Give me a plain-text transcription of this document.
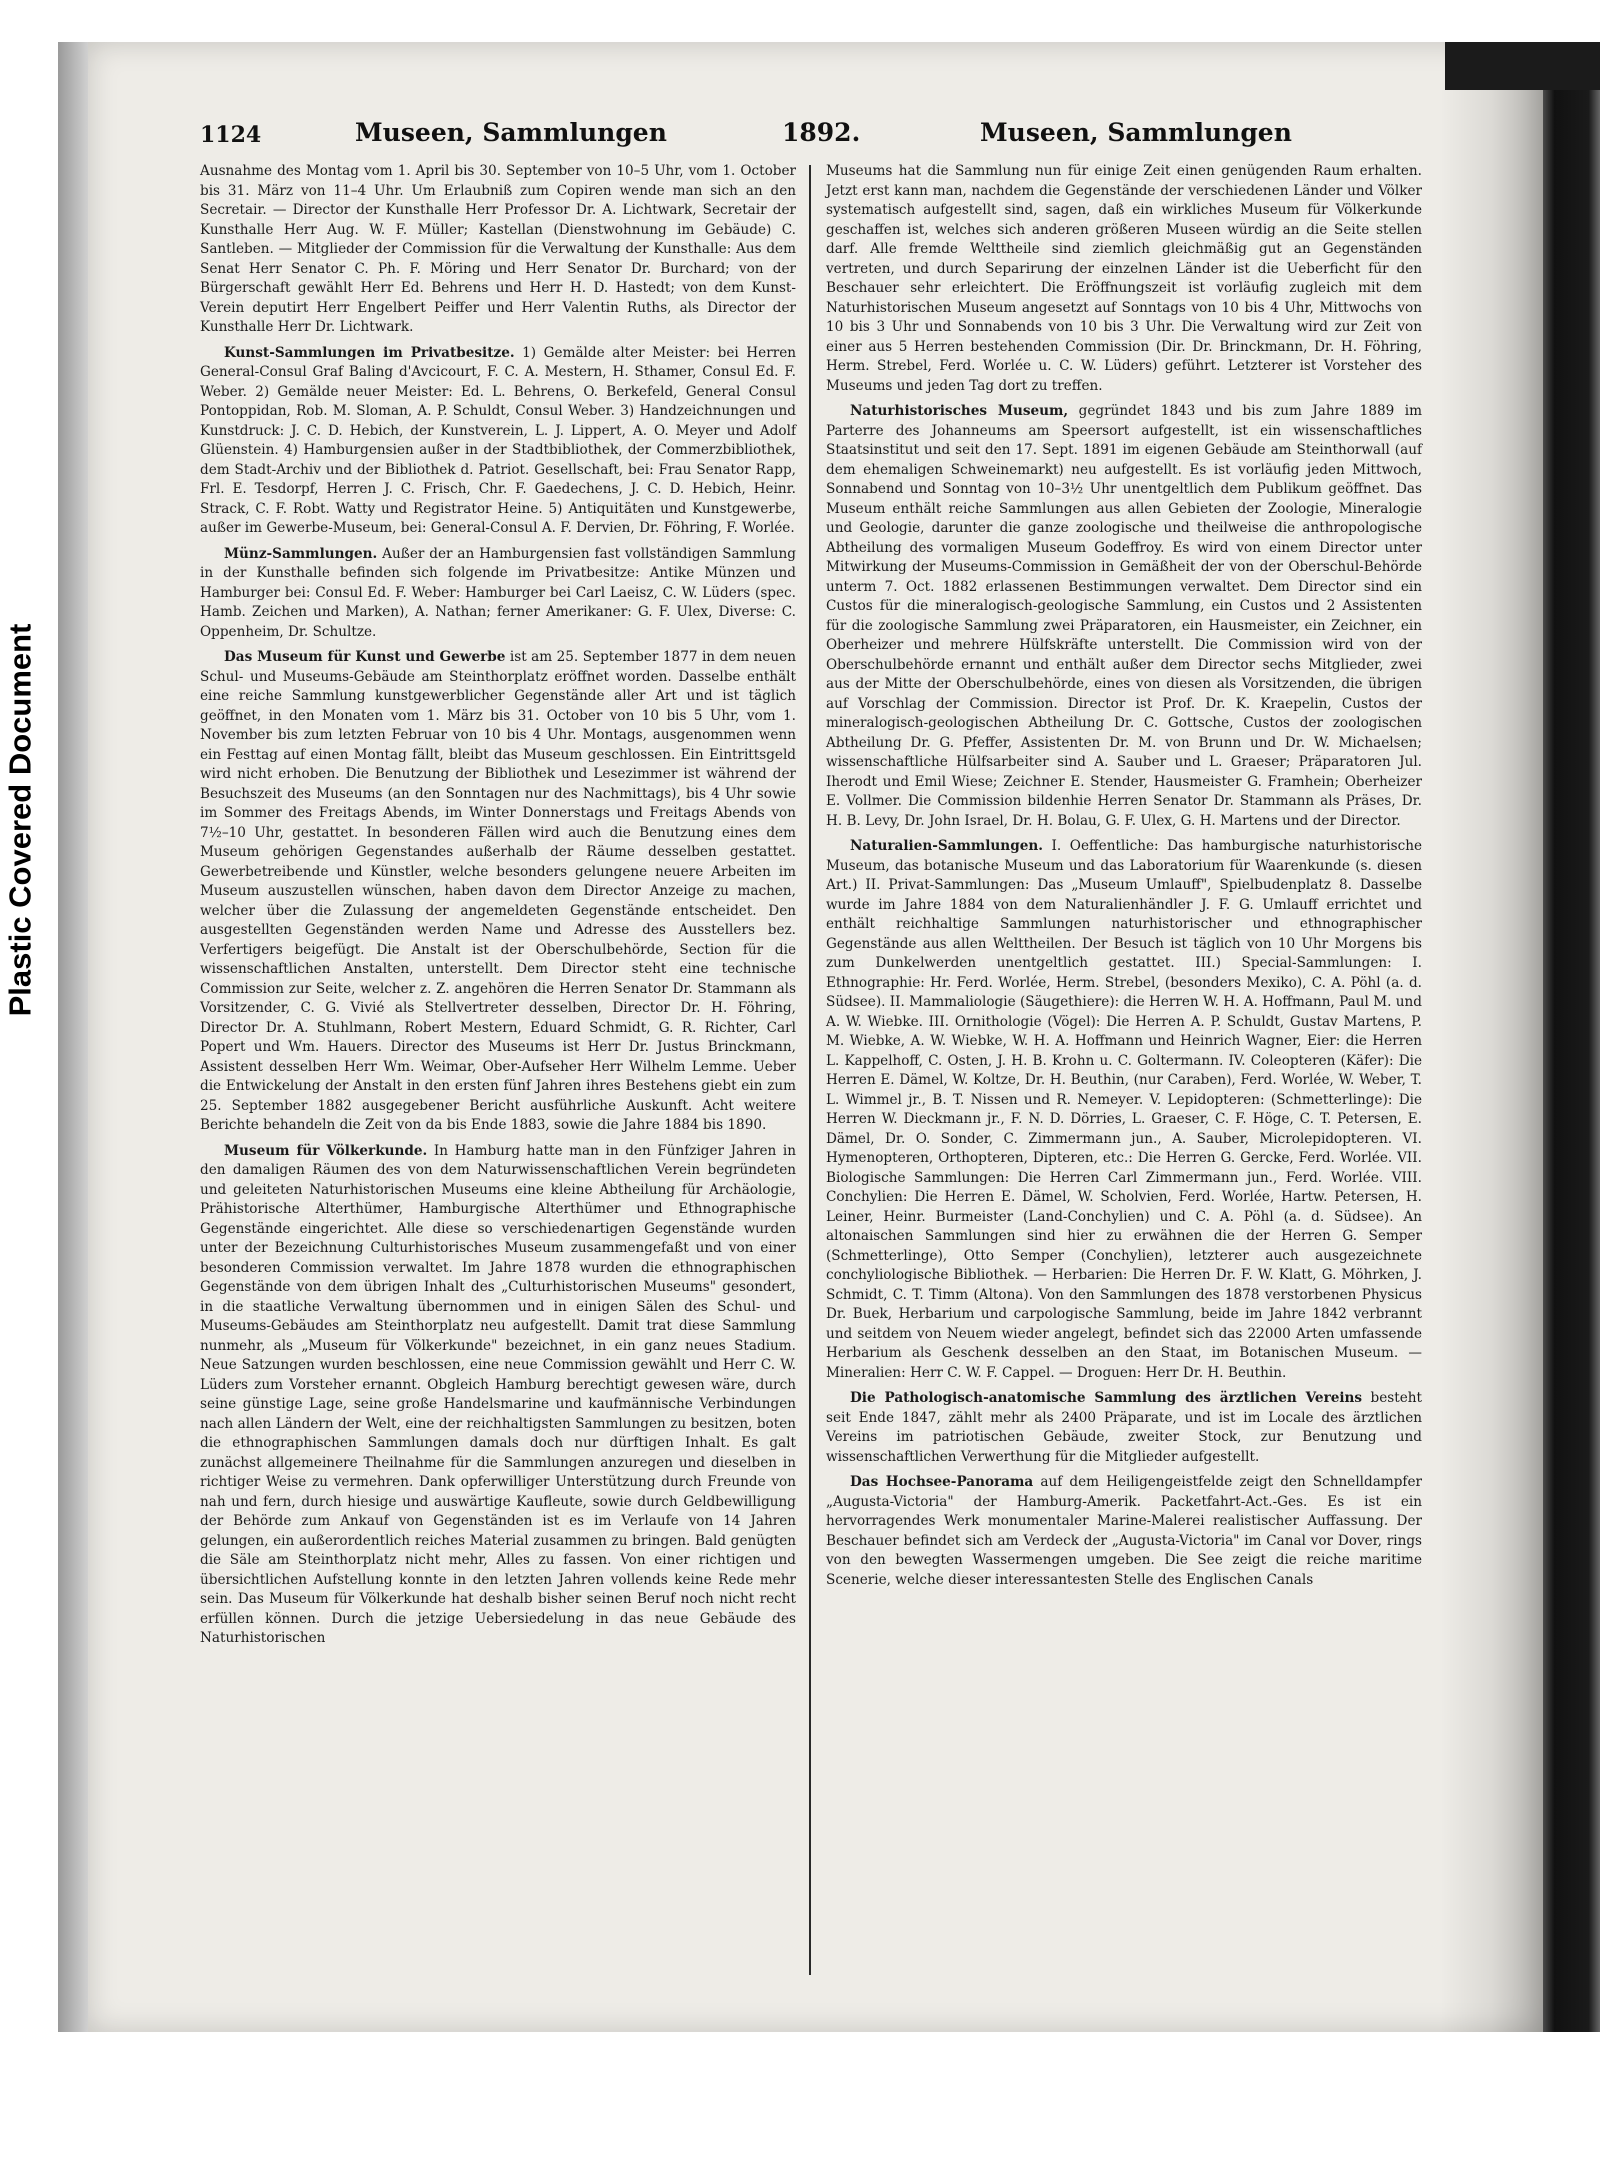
Plastic Covered Document
1124	Museen, Sammlungen	1892.	Museen, Sammlungen

Ausnahme des Montag vom 1. April bis 30. September von 10–5 Uhr, vom 1. October bis 31. März von 11–4 Uhr. Um Erlaubniß zum Copiren wende man sich an den Secretair. — Director der Kunsthalle Herr Professor Dr. A. Lichtwark, Secretair der Kunsthalle Herr Aug. W. F. Müller; Kastellan (Dienstwohnung im Gebäude) C. Santleben. — Mitglieder der Commission für die Verwaltung der Kunsthalle: Aus dem Senat Herr Senator C. Ph. F. Möring und Herr Senator Dr. Burchard; von der Bürgerschaft gewählt Herr Ed. Behrens und Herr H. D. Hastedt; von dem Kunst-Verein deputirt Herr Engelbert Peiffer und Herr Valentin Ruths, als Director der Kunsthalle Herr Dr. Lichtwark.

Kunst-Sammlungen im Privatbesitze. 1) Gemälde alter Meister: bei Herren General-Consul Graf Baling d'Avcicourt, F. C. A. Mestern, H. Sthamer, Consul Ed. F. Weber. 2) Gemälde neuer Meister: Ed. L. Behrens, O. Berkefeld, General Consul Pontoppidan, Rob. M. Sloman, A. P. Schuldt, Consul Weber. 3) Handzeichnungen und Kunstdruck: J. C. D. Hebich, der Kunstverein, L. J. Lippert, A. O. Meyer und Adolf Glüenstein. 4) Hamburgensien außer in der Stadtbibliothek, der Commerzbibliothek, dem Stadt-Archiv und der Bibliothek d. Patriot. Gesellschaft, bei: Frau Senator Rapp, Frl. E. Tesdorpf, Herren J. C. Frisch, Chr. F. Gaedechens, J. C. D. Hebich, Heinr. Strack, C. F. Robt. Watty und Registrator Heine. 5) Antiquitäten und Kunstgewerbe, außer im Gewerbe-Museum, bei: General-Consul A. F. Dervien, Dr. Föhring, F. Worlée.

Münz-Sammlungen. Außer der an Hamburgensien fast vollständigen Sammlung in der Kunsthalle befinden sich folgende im Privatbesitze: Antike Münzen und Hamburger bei: Consul Ed. F. Weber: Hamburger bei Carl Laeisz, C. W. Lüders (spec. Hamb. Zeichen und Marken), A. Nathan; ferner Amerikaner: G. F. Ulex, Diverse: C. Oppenheim, Dr. Schultze.

Das Museum für Kunst und Gewerbe ist am 25. September 1877 in dem neuen Schul- und Museums-Gebäude am Steinthorplatz eröffnet worden. Dasselbe enthält eine reiche Sammlung kunstgewerblicher Gegenstände aller Art und ist täglich geöffnet, in den Monaten vom 1. März bis 31. October von 10 bis 5 Uhr, vom 1. November bis zum letzten Februar von 10 bis 4 Uhr. Montags, ausgenommen wenn ein Festtag auf einen Montag fällt, bleibt das Museum geschlossen. Ein Eintrittsgeld wird nicht erhoben. Die Benutzung der Bibliothek und Lesezimmer ist während der Besuchszeit des Museums (an den Sonntagen nur des Nachmittags), bis 4 Uhr sowie im Sommer des Freitags Abends, im Winter Donnerstags und Freitags Abends von 7½–10 Uhr, gestattet. In besonderen Fällen wird auch die Benutzung eines dem Museum gehörigen Gegenstandes außerhalb der Räume desselben gestattet. Gewerbetreibende und Künstler, welche besonders gelungene neuere Arbeiten im Museum auszustellen wünschen, haben davon dem Director Anzeige zu machen, welcher über die Zulassung der angemeldeten Gegenstände entscheidet. Den ausgestellten Gegenständen werden Name und Adresse des Ausstellers bez. Verfertigers beigefügt. Die Anstalt ist der Oberschulbehörde, Section für die wissenschaftlichen Anstalten, unterstellt. Dem Director steht eine technische Commission zur Seite, welcher z. Z. angehören die Herren Senator Dr. Stammann als Vorsitzender, C. G. Vivié als Stellvertreter desselben, Director Dr. H. Föhring, Director Dr. A. Stuhlmann, Robert Mestern, Eduard Schmidt, G. R. Richter, Carl Popert und Wm. Hauers. Director des Museums ist Herr Dr. Justus Brinckmann, Assistent desselben Herr Wm. Weimar, Ober-Aufseher Herr Wilhelm Lemme. Ueber die Entwickelung der Anstalt in den ersten fünf Jahren ihres Bestehens giebt ein zum 25. September 1882 ausgegebener Bericht ausführliche Auskunft. Acht weitere Berichte behandeln die Zeit von da bis Ende 1883, sowie die Jahre 1884 bis 1890.

Museum für Völkerkunde. In Hamburg hatte man in den Fünfziger Jahren in den damaligen Räumen des von dem Naturwissenschaftlichen Verein begründeten und geleiteten Naturhistorischen Museums eine kleine Abtheilung für Archäologie, Prähistorische Alterthümer, Hamburgische Alterthümer und Ethnographische Gegenstände eingerichtet. Alle diese so verschiedenartigen Gegenstände wurden unter der Bezeichnung Culturhistorisches Museum zusammengefaßt und von einer besonderen Commission verwaltet. Im Jahre 1878 wurden die ethnographischen Gegenstände von dem übrigen Inhalt des „Culturhistorischen Museums" gesondert, in die staatliche Verwaltung übernommen und in einigen Sälen des Schul- und Museums-Gebäudes am Steinthorplatz neu aufgestellt. Damit trat diese Sammlung nunmehr, als „Museum für Völkerkunde" bezeichnet, in ein ganz neues Stadium. Neue Satzungen wurden beschlossen, eine neue Commission gewählt und Herr C. W. Lüders zum Vorsteher ernannt. Obgleich Hamburg berechtigt gewesen wäre, durch seine günstige Lage, seine große Handelsmarine und kaufmännische Verbindungen nach allen Ländern der Welt, eine der reichhaltigsten Sammlungen zu besitzen, boten die ethnographischen Sammlungen damals doch nur dürftigen Inhalt. Es galt zunächst allgemeinere Theilnahme für die Sammlungen anzuregen und dieselben in richtiger Weise zu vermehren. Dank opferwilliger Unterstützung durch Freunde von nah und fern, durch hiesige und auswärtige Kaufleute, sowie durch Geldbewilligung der Behörde zum Ankauf von Gegenständen ist es im Verlaufe von 14 Jahren gelungen, ein außerordentlich reiches Material zusammen zu bringen. Bald genügten die Säle am Steinthorplatz nicht mehr, Alles zu fassen. Von einer richtigen und übersichtlichen Aufstellung konnte in den letzten Jahren vollends keine Rede mehr sein. Das Museum für Völkerkunde hat deshalb bisher seinen Beruf noch nicht recht erfüllen können. Durch die jetzige Uebersiedelung in das neue Gebäude des Naturhistorischen

Museums hat die Sammlung nun für einige Zeit einen genügenden Raum erhalten. Jetzt erst kann man, nachdem die Gegenstände der verschiedenen Länder und Völker systematisch aufgestellt sind, sagen, daß ein wirkliches Museum für Völkerkunde geschaffen ist, welches sich anderen größeren Museen würdig an die Seite stellen darf. Alle fremde Welttheile sind ziemlich gleichmäßig gut an Gegenständen vertreten, und durch Separirung der einzelnen Länder ist die Ueberficht für den Beschauer sehr erleichtert. Die Eröffnungszeit ist vorläufig zugleich mit dem Naturhistorischen Museum angesetzt auf Sonntags von 10 bis 4 Uhr, Mittwochs von 10 bis 3 Uhr und Sonnabends von 10 bis 3 Uhr. Die Verwaltung wird zur Zeit von einer aus 5 Herren bestehenden Commission (Dir. Dr. Brinckmann, Dr. H. Föhring, Herm. Strebel, Ferd. Worlée u. C. W. Lüders) geführt. Letzterer ist Vorsteher des Museums und jeden Tag dort zu treffen.

Naturhistorisches Museum, gegründet 1843 und bis zum Jahre 1889 im Parterre des Johanneums am Speersort aufgestellt, ist ein wissenschaftliches Staatsinstitut und seit den 17. Sept. 1891 im eigenen Gebäude am Steinthorwall (auf dem ehemaligen Schweinemarkt) neu aufgestellt. Es ist vorläufig jeden Mittwoch, Sonnabend und Sonntag von 10–3½ Uhr unentgeltlich dem Publikum geöffnet. Das Museum enthält reiche Sammlungen aus allen Gebieten der Zoologie, Mineralogie und Geologie, darunter die ganze zoologische und theilweise die anthropologische Abtheilung des vormaligen Museum Godeffroy. Es wird von einem Director unter Mitwirkung der Museums-Commission in Gemäßheit der von der Oberschul-Behörde unterm 7. Oct. 1882 erlassenen Bestimmungen verwaltet. Dem Director sind ein Custos für die mineralogisch-geologische Sammlung, ein Custos und 2 Assistenten für die zoologische Sammlung zwei Präparatoren, ein Hausmeister, ein Zeichner, ein Oberheizer und mehrere Hülfskräfte unterstellt. Die Commission wird von der Oberschulbehörde ernannt und enthält außer dem Director sechs Mitglieder, zwei aus der Mitte der Oberschulbehörde, eines von diesen als Vorsitzenden, die übrigen auf Vorschlag der Commission. Director ist Prof. Dr. K. Kraepelin, Custos der mineralogisch-geologischen Abtheilung Dr. C. Gottsche, Custos der zoologischen Abtheilung Dr. G. Pfeffer, Assistenten Dr. M. von Brunn und Dr. W. Michaelsen; wissenschaftliche Hülfsarbeiter sind A. Sauber und L. Graeser; Präparatoren Jul. Iherodt und Emil Wiese; Zeichner E. Stender, Hausmeister G. Framhein; Oberheizer E. Vollmer. Die Commission bildenhie Herren Senator Dr. Stammann als Präses, Dr. H. B. Levy, Dr. John Israel, Dr. H. Bolau, G. F. Ulex, G. H. Martens und der Director.

Naturalien-Sammlungen. I. Oeffentliche: Das hamburgische naturhistorische Museum, das botanische Museum und das Laboratorium für Waarenkunde (s. diesen Art.) II. Privat-Sammlungen: Das „Museum Umlauff", Spielbudenplatz 8. Dasselbe wurde im Jahre 1884 von dem Naturalienhändler J. F. G. Umlauff errichtet und enthält reichhaltige Sammlungen naturhistorischer und ethnographischer Gegenstände aus allen Welttheilen. Der Besuch ist täglich von 10 Uhr Morgens bis zum Dunkelwerden unentgeltlich gestattet. III.) Special-Sammlungen: I. Ethnographie: Hr. Ferd. Worlée, Herm. Strebel, (besonders Mexiko), C. A. Pöhl (a. d. Südsee). II. Mammaliologie (Säugethiere): die Herren W. H. A. Hoffmann, Paul M. und A. W. Wiebke. III. Ornithologie (Vögel): Die Herren A. P. Schuldt, Gustav Martens, P. M. Wiebke, A. W. Wiebke, W. H. A. Hoffmann und Heinrich Wagner, Eier: die Herren L. Kappelhoff, C. Osten, J. H. B. Krohn u. C. Goltermann. IV. Coleopteren (Käfer): Die Herren E. Dämel, W. Koltze, Dr. H. Beuthin, (nur Caraben), Ferd. Worlée, W. Weber, T. L. Wimmel jr., B. T. Nissen und R. Nemeyer. V. Lepidopteren: (Schmetterlinge): Die Herren W. Dieckmann jr., F. N. D. Dörries, L. Graeser, C. F. Höge, C. T. Petersen, E. Dämel, Dr. O. Sonder, C. Zimmermann jun., A. Sauber, Microlepidopteren. VI. Hymenopteren, Orthopteren, Dipteren, etc.: Die Herren G. Gercke, Ferd. Worlée. VII. Biologische Sammlungen: Die Herren Carl Zimmermann jun., Ferd. Worlée. VIII. Conchylien: Die Herren E. Dämel, W. Scholvien, Ferd. Worlée, Hartw. Petersen, H. Leiner, Heinr. Burmeister (Land-Conchylien) und C. A. Pöhl (a. d. Südsee). An altonaischen Sammlungen sind hier zu erwähnen die der Herren G. Semper (Schmetterlinge), Otto Semper (Conchylien), letzterer auch ausgezeichnete conchyliologische Bibliothek. — Herbarien: Die Herren Dr. F. W. Klatt, G. Möhrken, J. Schmidt, C. T. Timm (Altona). Von den Sammlungen des 1878 verstorbenen Physicus Dr. Buek, Herbarium und carpologische Sammlung, beide im Jahre 1842 verbrannt und seitdem von Neuem wieder angelegt, befindet sich das 22000 Arten umfassende Herbarium als Geschenk desselben an den Staat, im Botanischen Museum. — Mineralien: Herr C. W. F. Cappel. — Droguen: Herr Dr. H. Beuthin.

Die Pathologisch-anatomische Sammlung des ärztlichen Vereins besteht seit Ende 1847, zählt mehr als 2400 Präparate, und ist im Locale des ärztlichen Vereins im patriotischen Gebäude, zweiter Stock, zur Benutzung und wissenschaftlichen Verwerthung für die Mitglieder aufgestellt.

Das Hochsee-Panorama auf dem Heiligengeistfelde zeigt den Schnelldampfer „Augusta-Victoria" der Hamburg-Amerik. Packetfahrt-Act.-Ges. Es ist ein hervorragendes Werk monumentaler Marine-Malerei realistischer Auffassung. Der Beschauer befindet sich am Verdeck der „Augusta-Victoria" im Canal vor Dover, rings von den bewegten Wassermengen umgeben. Die See zeigt die reiche maritime Scenerie, welche dieser interessantesten Stelle des Englischen Canals
